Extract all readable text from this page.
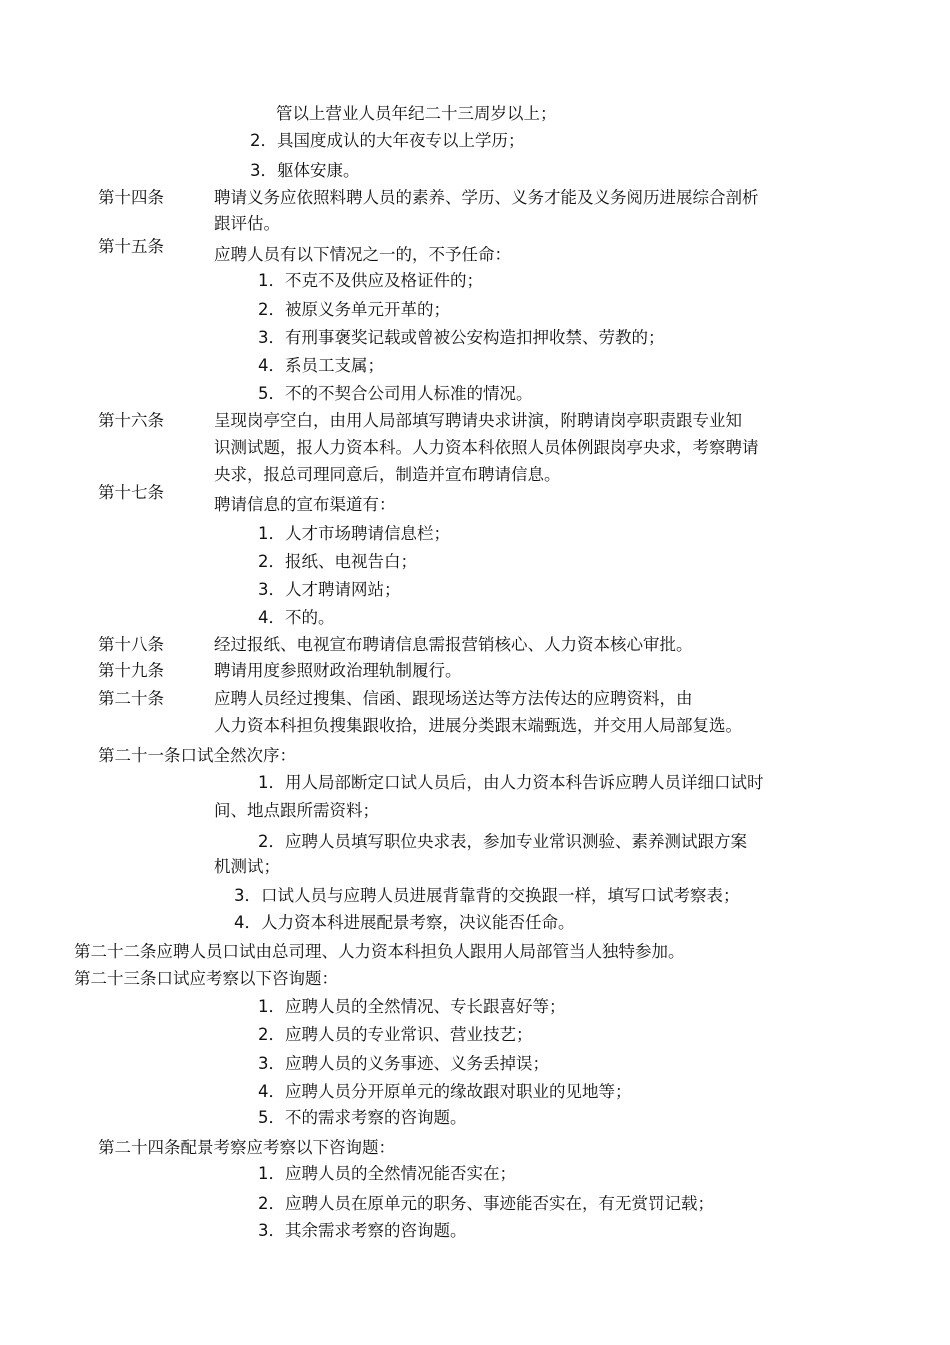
管以上营业人员年纪二十三周岁以上；
2．具国度成认的大年夜专以上学历；
3．躯体安康。
第十四条	聘请义务应依照料聘人员的素养、学历、义务才能及义务阅历进展综合剖析
跟评估。
第十五条	应聘人员有以下情况之一的，不予任命：
1．不克不及供应及格证件的；
2．被原义务单元开革的；
3．有刑事褒奖记载或曾被公安构造扣押收禁、劳教的；
4．系员工支属；
5．不的不契合公司用人标准的情况。
第十六条	呈现岗亭空白，由用人局部填写聘请央求讲演，附聘请岗亭职责跟专业知
识测试题，报人力资本科。人力资本科依照人员体例跟岗亭央求，考察聘请
央求，报总司理同意后，制造并宣布聘请信息。
第十七条
聘请信息的宣布渠道有：
1．人才市场聘请信息栏；
2．报纸、电视告白；
3．人才聘请网站；
4．不的。
第十八条	经过报纸、电视宣布聘请信息需报营销核心、人力资本核心审批。
第十九条	聘请用度参照财政治理轨制履行。
第二十条	应聘人员经过搜集、信函、跟现场送达等方法传达的应聘资料，由
人力资本科担负搜集跟收拾，进展分类跟末端甄选，并交用人局部复选。
第二十一条口试全然次序：
1．用人局部断定口试人员后，由人力资本科告诉应聘人员详细口试时
间、地点跟所需资料；
2．应聘人员填写职位央求表，参加专业常识测验、素养测试跟方案
机测试；
3．口试人员与应聘人员进展背靠背的交换跟一样，填写口试考察表；
4．人力资本科进展配景考察，决议能否任命。
第二十二条应聘人员口试由总司理、人力资本科担负人跟用人局部管当人独特参加。
第二十三条口试应考察以下咨询题：
1．应聘人员的全然情况、专长跟喜好等；
2．应聘人员的专业常识、营业技艺；
3．应聘人员的义务事迹、义务丢掉误；
4．应聘人员分开原单元的缘故跟对职业的见地等；
5．不的需求考察的咨询题。
第二十四条配景考察应考察以下咨询题：
1．应聘人员的全然情况能否实在；
2．应聘人员在原单元的职务、事迹能否实在，有无赏罚记载；
3．其余需求考察的咨询题。
